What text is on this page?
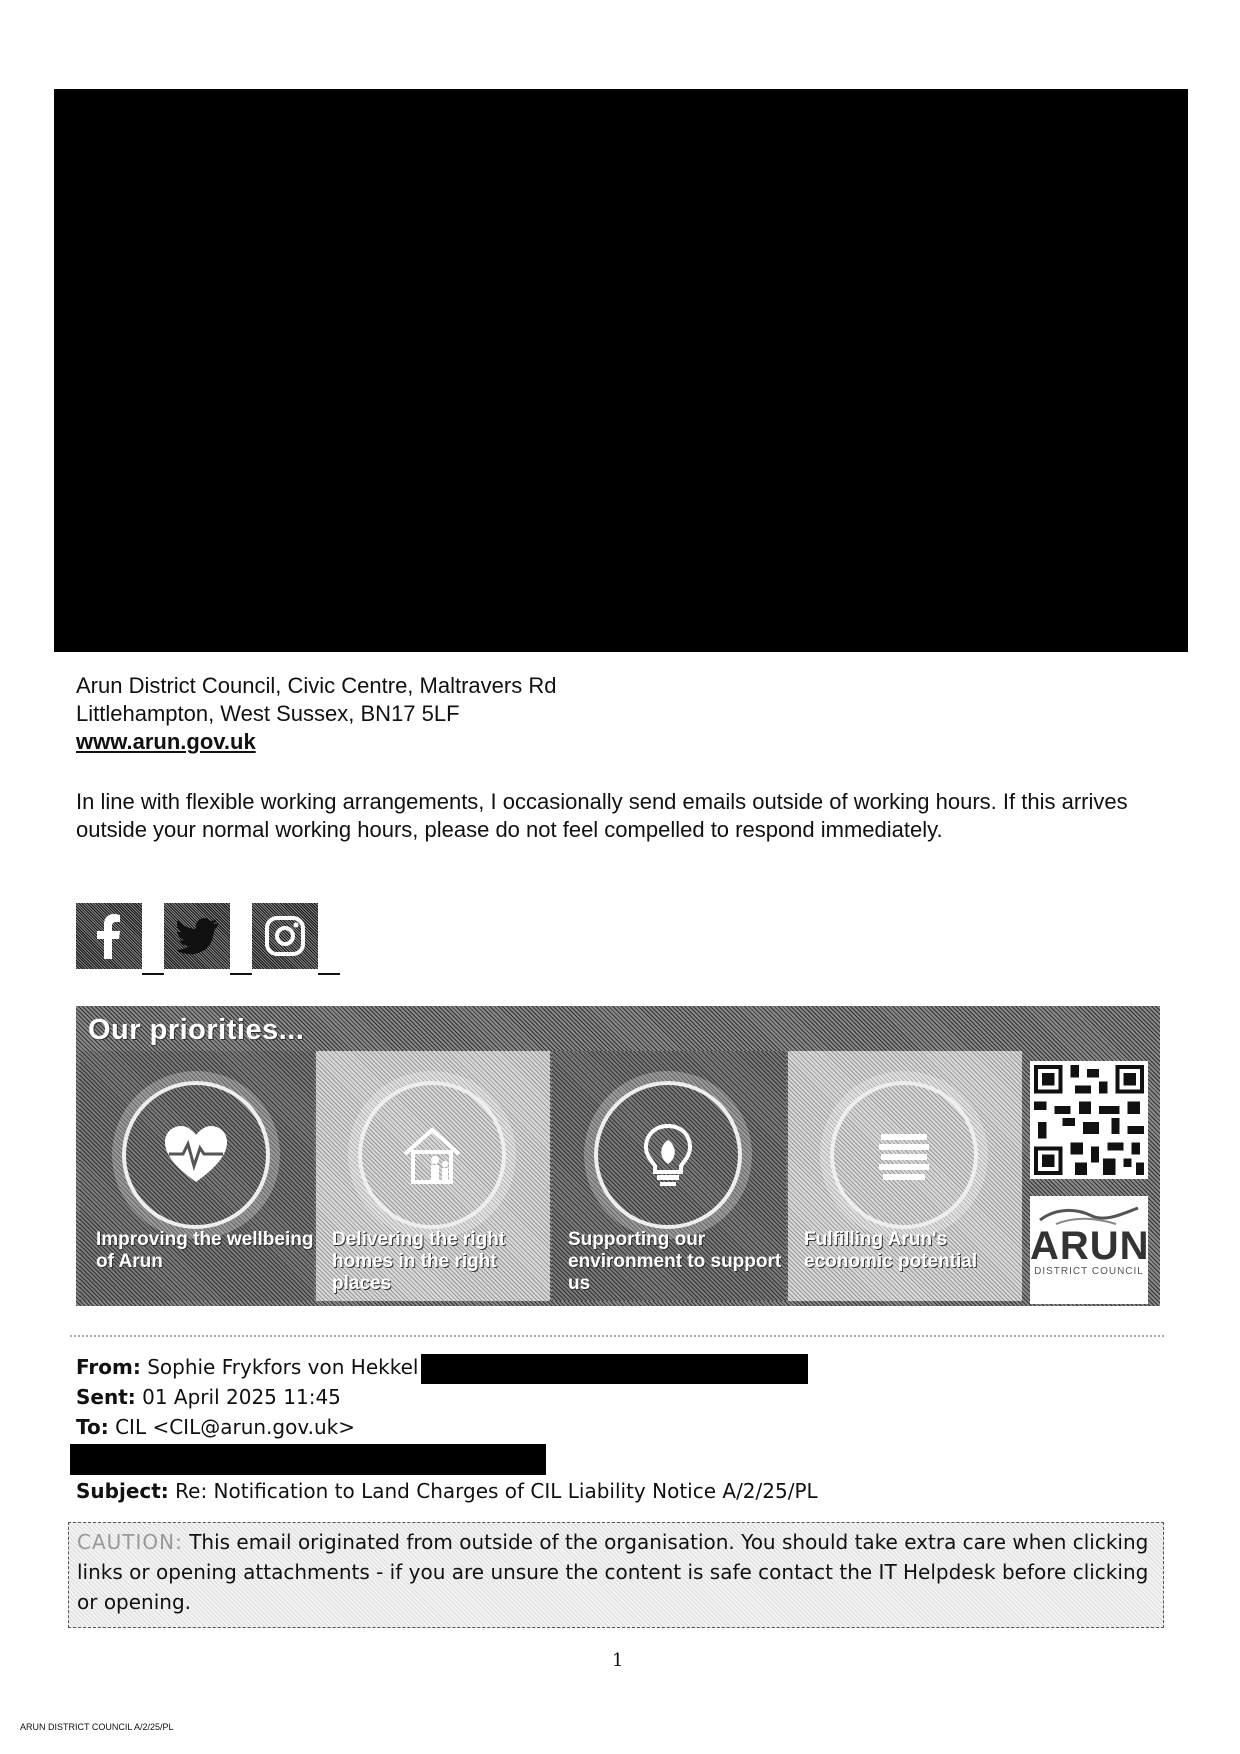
Arun District Council, Civic Centre, Maltravers Rd
Littlehampton, West Sussex, BN17 5LF
www.arun.gov.uk
In line with flexible working arrangements, I occasionally send emails outside of working hours. If this arrives outside your normal working hours, please do not feel compelled to respond immediately.
Our priorities...
Improving the wellbeing of Arun
Delivering the right homes in the right places
Supporting our environment to support us
Fulfilling Arun's economic potential	ARUN
DISTRICT COUNCIL
From: Sophie Frykfors von Hekkel
Sent: 01 April 2025 11:45
To: CIL <CIL@arun.gov.uk>
Subject: Re: Notification to Land Charges of CIL Liability Notice A/2/25/PL
CAUTION: This email originated from outside of the organisation. You should take extra care when clicking links or opening attachments - if you are unsure the content is safe contact the IT Helpdesk before clicking or opening.
1
ARUN DISTRICT COUNCIL A/2/25/PL
